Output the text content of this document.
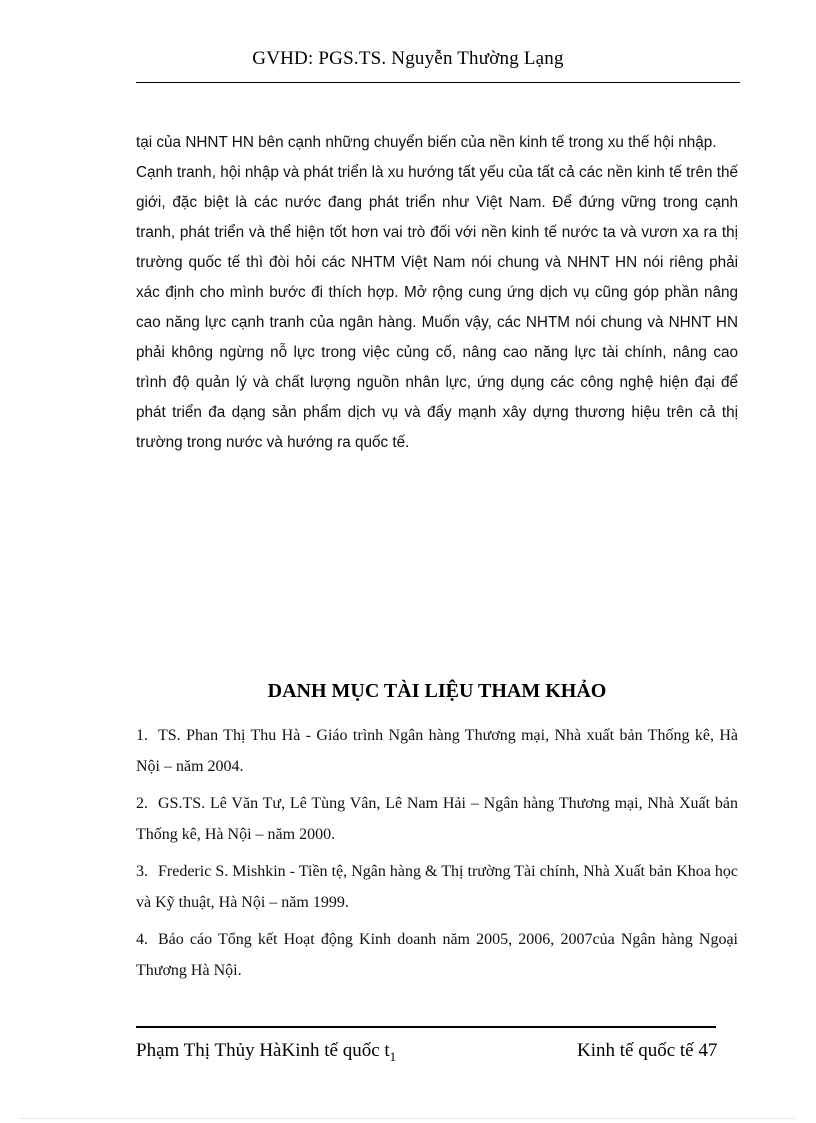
GVHD: PGS.TS. Nguyễn Thường Lạng

tại của NHNT HN bên cạnh những chuyển biến của nền kinh tế trong xu thế hội nhập.

Cạnh tranh, hội nhập và phát triển là xu hướng tất yếu của tất cả các nền kinh tế trên thế giới, đặc biệt là các nước đang phát triển như Việt Nam. Để đứng vững trong cạnh tranh, phát triển và thể hiện tốt hơn vai trò đối với nền kinh tế nước ta và vươn xa ra thị trường quốc tế thì đòi hỏi các NHTM Việt Nam nói chung và NHNT HN nói riêng phải xác định cho mình bước đi thích hợp. Mở rộng cung ứng dịch vụ cũng góp phần nâng cao năng lực cạnh tranh của ngân hàng. Muốn vậy, các NHTM nói chung và NHNT HN phải không ngừng nỗ lực trong việc củng cố, nâng cao năng lực tài chính, nâng cao trình độ quản lý và chất lượng nguồn nhân lực, ứng dụng các công nghệ hiện đại để phát triển đa dạng sản phẩm dịch vụ và đẩy mạnh xây dựng thương hiệu trên cả thị trường trong nước và hướng ra quốc tế.

DANH MỤC TÀI LIỆU THAM KHẢO

1. TS. Phan Thị Thu Hà - Giáo trình Ngân hàng Thương mại, Nhà xuất bản Thống kê, Hà Nội – năm 2004.

2. GS.TS. Lê Văn Tư, Lê Tùng Vân, Lê Nam Hải – Ngân hàng Thương mại, Nhà Xuất bản Thống kê, Hà Nội – năm 2000.

3. Frederic S. Mishkin - Tiền tệ, Ngân hàng & Thị trường Tài chính, Nhà Xuất bản Khoa học và Kỹ thuật, Hà Nội – năm 1999.

4. Báo cáo Tổng kết Hoạt động Kinh doanh năm 2005, 2006, 2007của Ngân hàng Ngoại Thương Hà Nội.

Phạm Thị Thủy HàKinh tế quốc $t_1$	Kinh tế quốc tế 47
